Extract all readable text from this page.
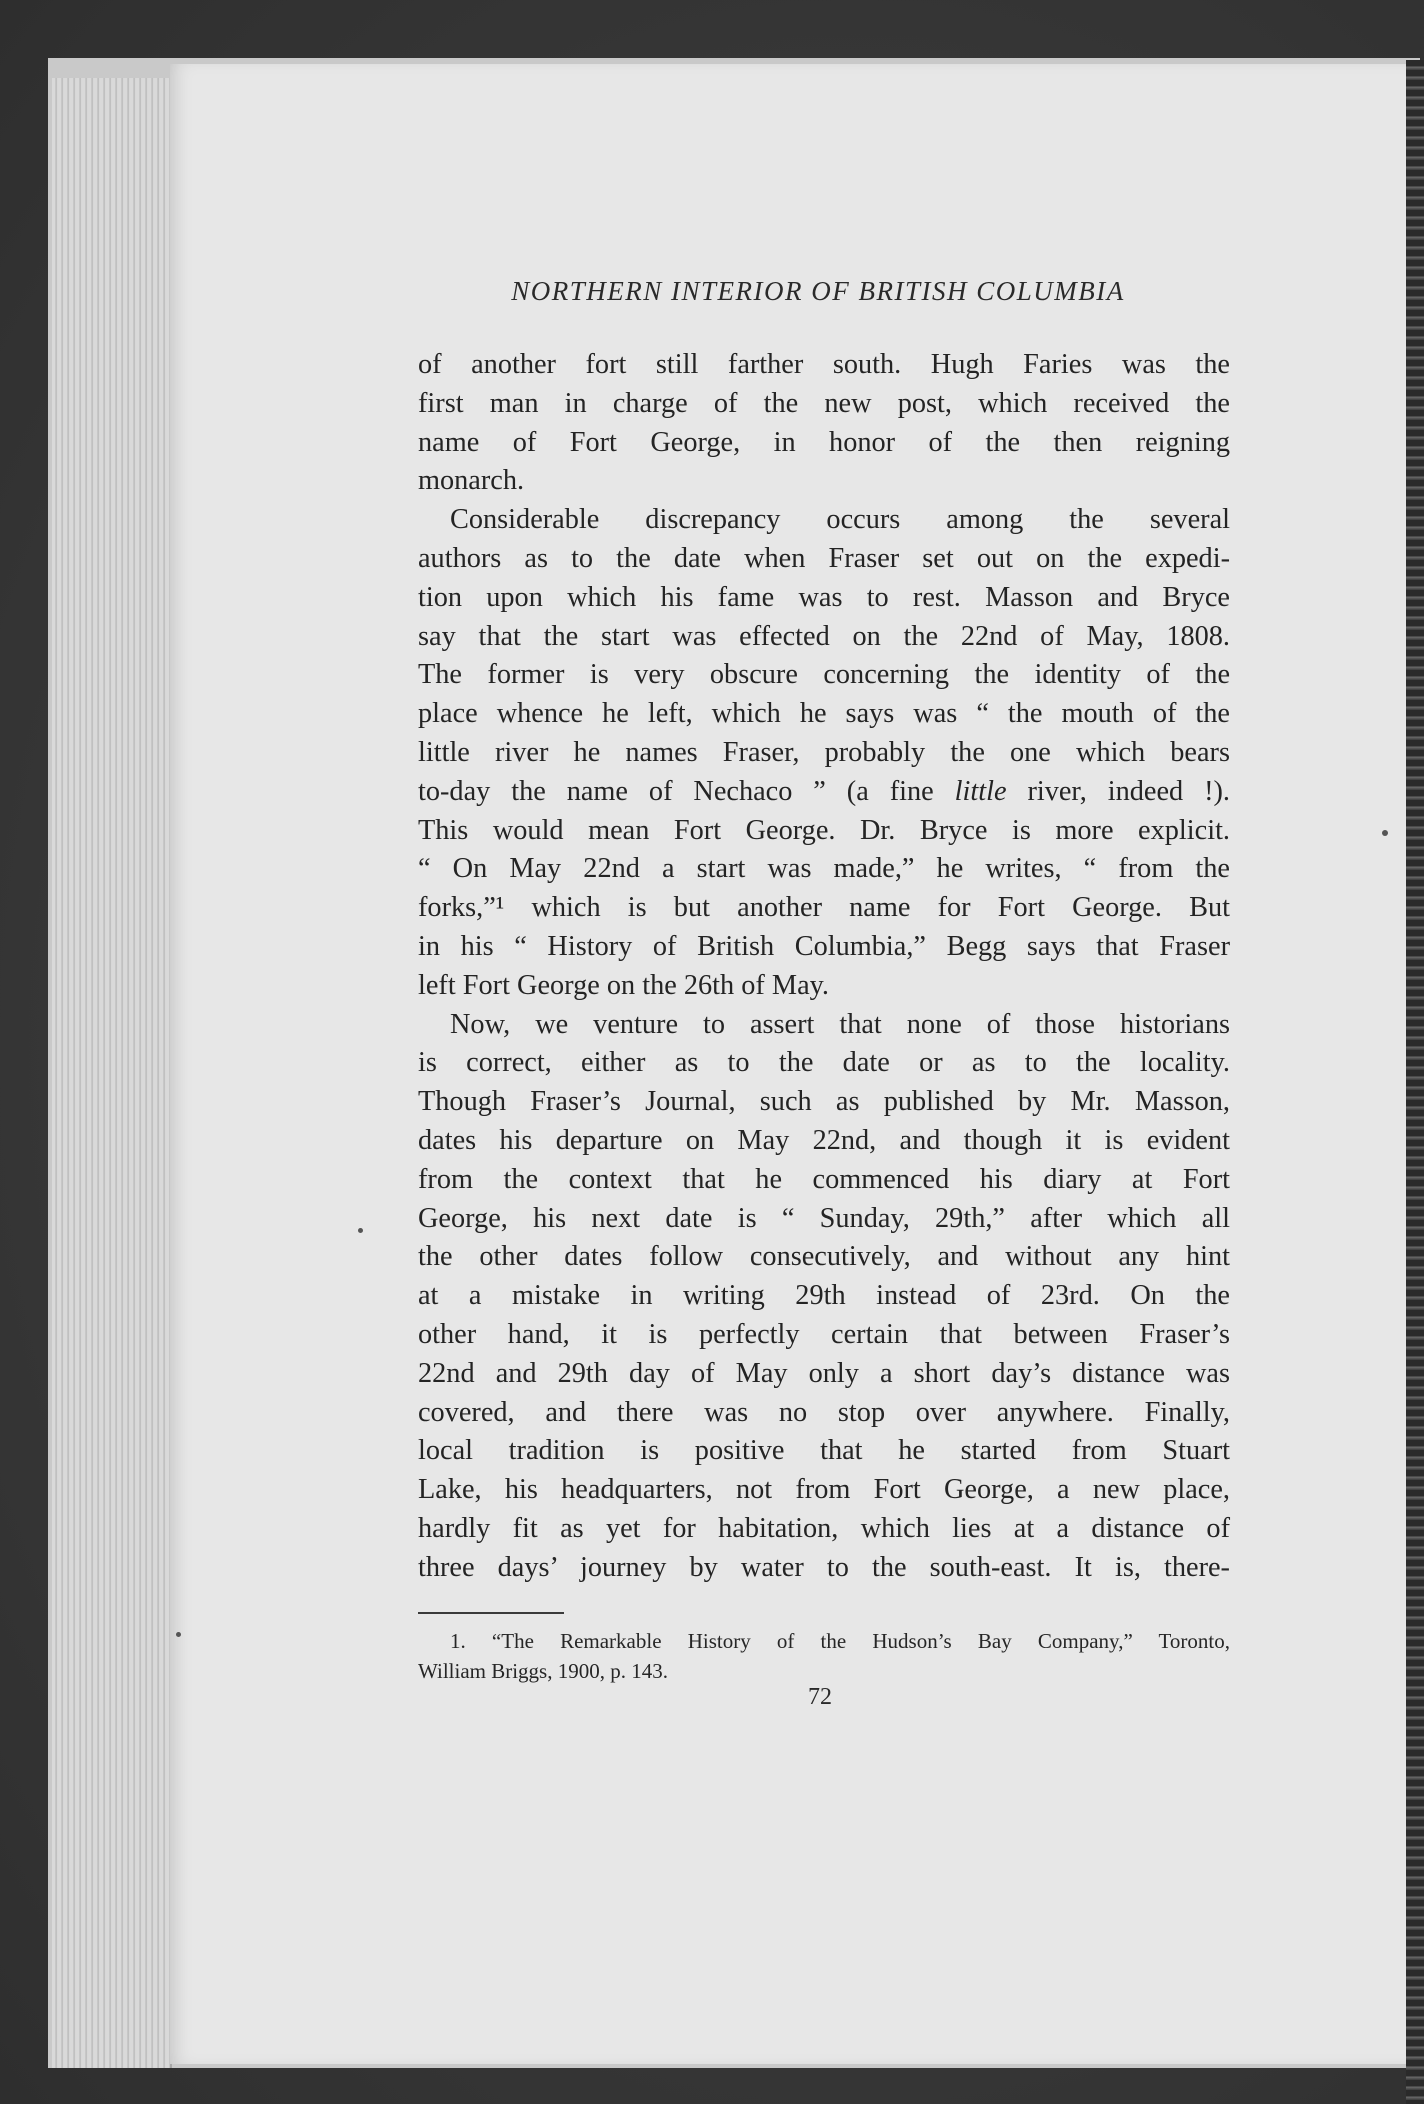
NORTHERN INTERIOR OF BRITISH COLUMBIA
of another fort still farther south. Hugh Faries was the
first man in charge of the new post, which received the
name of Fort George, in honor of the then reigning
monarch.
Considerable discrepancy occurs among the several
authors as to the date when Fraser set out on the expedi-
tion upon which his fame was to rest. Masson and Bryce
say that the start was effected on the 22nd of May, 1808.
The former is very obscure concerning the identity of the
place whence he left, which he says was “ the mouth of the
little river he names Fraser, probably the one which bears
to-day the name of Nechaco ” (a fine little river, indeed !).
This would mean Fort George. Dr. Bryce is more explicit.
“ On May 22nd a start was made,” he writes, “ from the
forks,”¹ which is but another name for Fort George. But
in his “ History of British Columbia,” Begg says that Fraser
left Fort George on the 26th of May.
Now, we venture to assert that none of those historians
is correct, either as to the date or as to the locality.
Though Fraser’s Journal, such as published by Mr. Masson,
dates his departure on May 22nd, and though it is evident
from the context that he commenced his diary at Fort
George, his next date is “ Sunday, 29th,” after which all
the other dates follow consecutively, and without any hint
at a mistake in writing 29th instead of 23rd. On the
other hand, it is perfectly certain that between Fraser’s
22nd and 29th day of May only a short day’s distance was
covered, and there was no stop over anywhere. Finally,
local tradition is positive that he started from Stuart
Lake, his headquarters, not from Fort George, a new place,
hardly fit as yet for habitation, which lies at a distance of
three days’ journey by water to the south-east. It is, there-
1. “The Remarkable History of the Hudson’s Bay Company,” Toronto,
William Briggs, 1900, p. 143.
72
